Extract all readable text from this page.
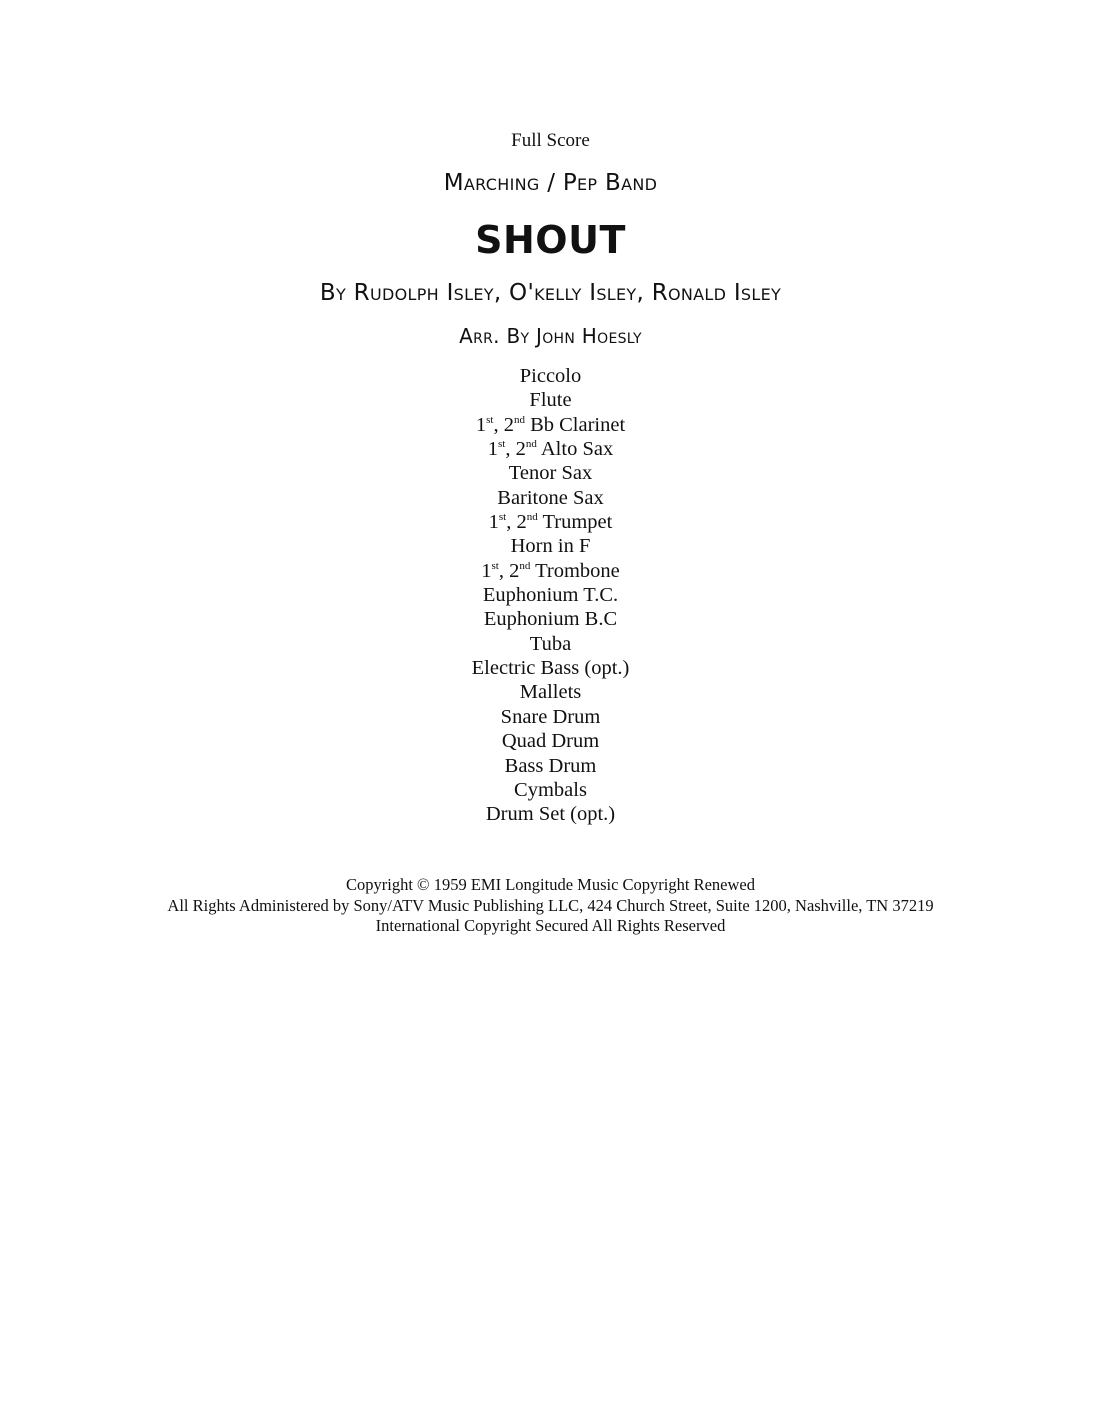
Full Score
Marching / Pep Band
SHOUT
By Rudolph Isley, O'kelly Isley, Ronald Isley
Arr. By John Hoesly
Piccolo
Flute
1st, 2nd Bb Clarinet
1st, 2nd Alto Sax
Tenor Sax
Baritone Sax
1st, 2nd Trumpet
Horn in F
1st, 2nd Trombone
Euphonium T.C.
Euphonium B.C
Tuba
Electric Bass (opt.)
Mallets
Snare Drum
Quad Drum
Bass Drum
Cymbals
Drum Set (opt.)
Copyright © 1959 EMI Longitude Music Copyright Renewed
All Rights Administered by Sony/ATV Music Publishing LLC, 424 Church Street, Suite 1200, Nashville, TN 37219
International Copyright Secured All Rights Reserved
